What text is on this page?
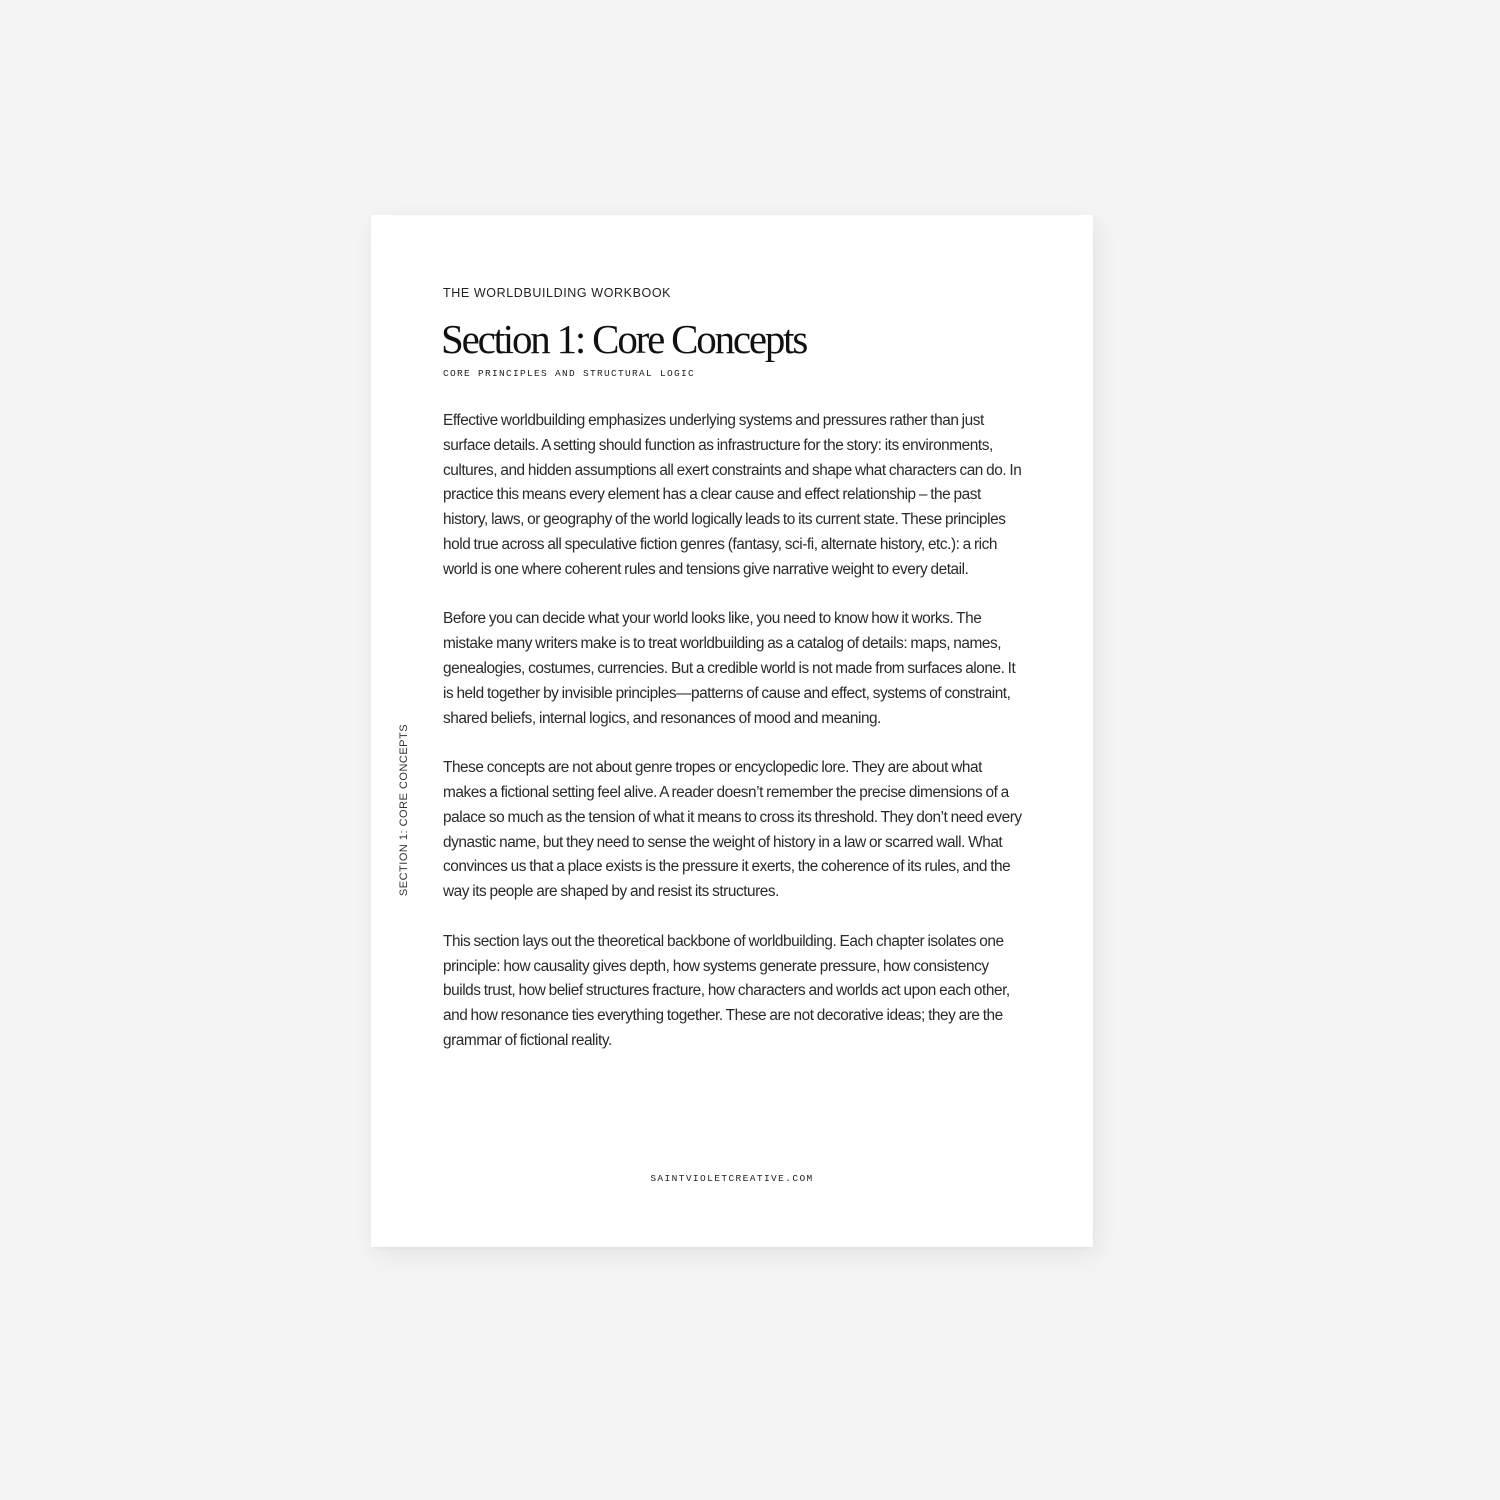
THE WORLDBUILDING WORKBOOK
Section 1: Core Concepts
CORE PRINCIPLES AND STRUCTURAL LOGIC
SECTION 1: CORE CONCEPTS

Effective worldbuilding emphasizes underlying systems and pressures rather than just surface details. A setting should function as infrastructure for the story: its environments, cultures, and hidden assumptions all exert constraints and shape what characters can do. In practice this means every element has a clear cause and effect relationship – the past history, laws, or geography of the world logically leads to its current state. These principles hold true across all speculative fiction genres (fantasy, sci-fi, alternate history, etc.): a rich world is one where coherent rules and tensions give narrative weight to every detail.

Before you can decide what your world looks like, you need to know how it works. The mistake many writers make is to treat worldbuilding as a catalog of details: maps, names, genealogies, costumes, currencies. But a credible world is not made from surfaces alone. It is held together by invisible principles—patterns of cause and effect, systems of constraint, shared beliefs, internal logics, and resonances of mood and meaning.

These concepts are not about genre tropes or encyclopedic lore. They are about what makes a fictional setting feel alive. A reader doesn’t remember the precise dimensions of a palace so much as the tension of what it means to cross its threshold. They don’t need every dynastic name, but they need to sense the weight of history in a law or scarred wall. What convinces us that a place exists is the pressure it exerts, the coherence of its rules, and the way its people are shaped by and resist its structures.

This section lays out the theoretical backbone of worldbuilding. Each chapter isolates one principle: how causality gives depth, how systems generate pressure, how consistency builds trust, how belief structures fracture, how characters and worlds act upon each other, and how resonance ties everything together. These are not decorative ideas; they are the grammar of fictional reality.

SAINTVIOLETCREATIVE.COM
